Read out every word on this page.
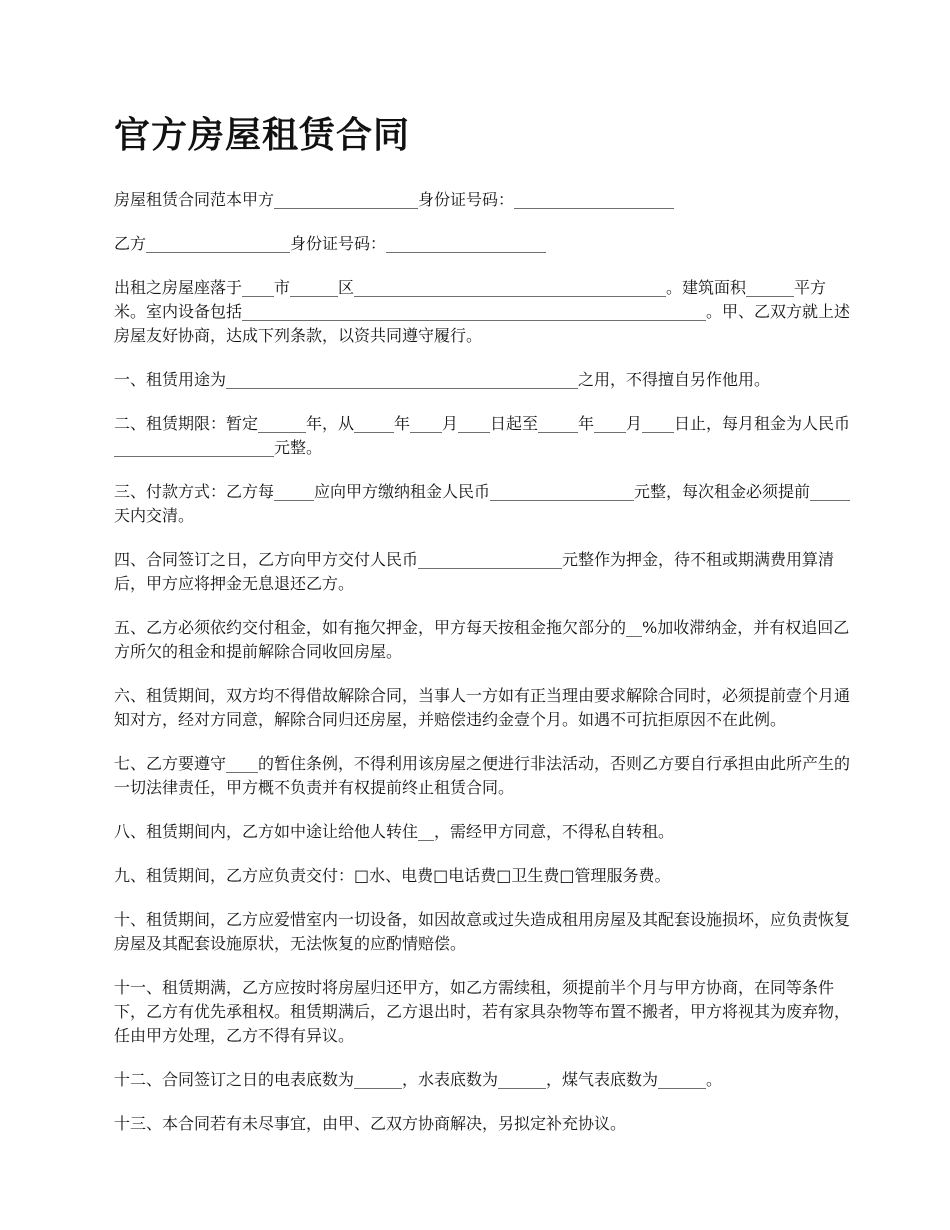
官方房屋租赁合同

房屋租赁合同范本甲方__________________身份证号码：____________________

乙方__________________身份证号码：____________________

出租之房屋座落于____市______区_______________________________________。建筑面积______平方米。室内设备包括__________________________________________________________。甲、乙双方就上述房屋友好协商，达成下列条款，以资共同遵守履行。

一、租赁用途为____________________________________________之用，不得擅自另作他用。

二、租赁期限：暂定______年，从_____年____月____日起至_____年____月____日止，每月租金为人民币____________________元整。

三、付款方式：乙方每_____应向甲方缴纳租金人民币__________________元整，每次租金必须提前_____天内交清。

四、合同签订之日，乙方向甲方交付人民币__________________元整作为押金，待不租或期满费用算清后，甲方应将押金无息退还乙方。

五、乙方必须依约交付租金，如有拖欠押金，甲方每天按租金拖欠部分的__%加收滞纳金，并有权追回乙方所欠的租金和提前解除合同收回房屋。

六、租赁期间，双方均不得借故解除合同，当事人一方如有正当理由要求解除合同时，必须提前壹个月通知对方，经对方同意，解除合同归还房屋，并赔偿违约金壹个月。如遇不可抗拒原因不在此例。

七、乙方要遵守____的暂住条例，不得利用该房屋之便进行非法活动，否则乙方要自行承担由此所产生的一切法律责任，甲方概不负责并有权提前终止租赁合同。

八、租赁期间内，乙方如中途让给他人转住__，需经甲方同意，不得私自转租。

九、租赁期间，乙方应负责交付：□水、电费□电话费□卫生费□管理服务费。

十、租赁期间，乙方应爱惜室内一切设备，如因故意或过失造成租用房屋及其配套设施损坏，应负责恢复房屋及其配套设施原状，无法恢复的应酌情赔偿。

十一、租赁期满，乙方应按时将房屋归还甲方，如乙方需续租，须提前半个月与甲方协商，在同等条件下，乙方有优先承租权。租赁期满后，乙方退出时，若有家具杂物等布置不搬者，甲方将视其为废弃物，任由甲方处理，乙方不得有异议。

十二、合同签订之日的电表底数为______，水表底数为______，煤气表底数为______。

十三、本合同若有未尽事宜，由甲、乙双方协商解决，另拟定补充协议。
